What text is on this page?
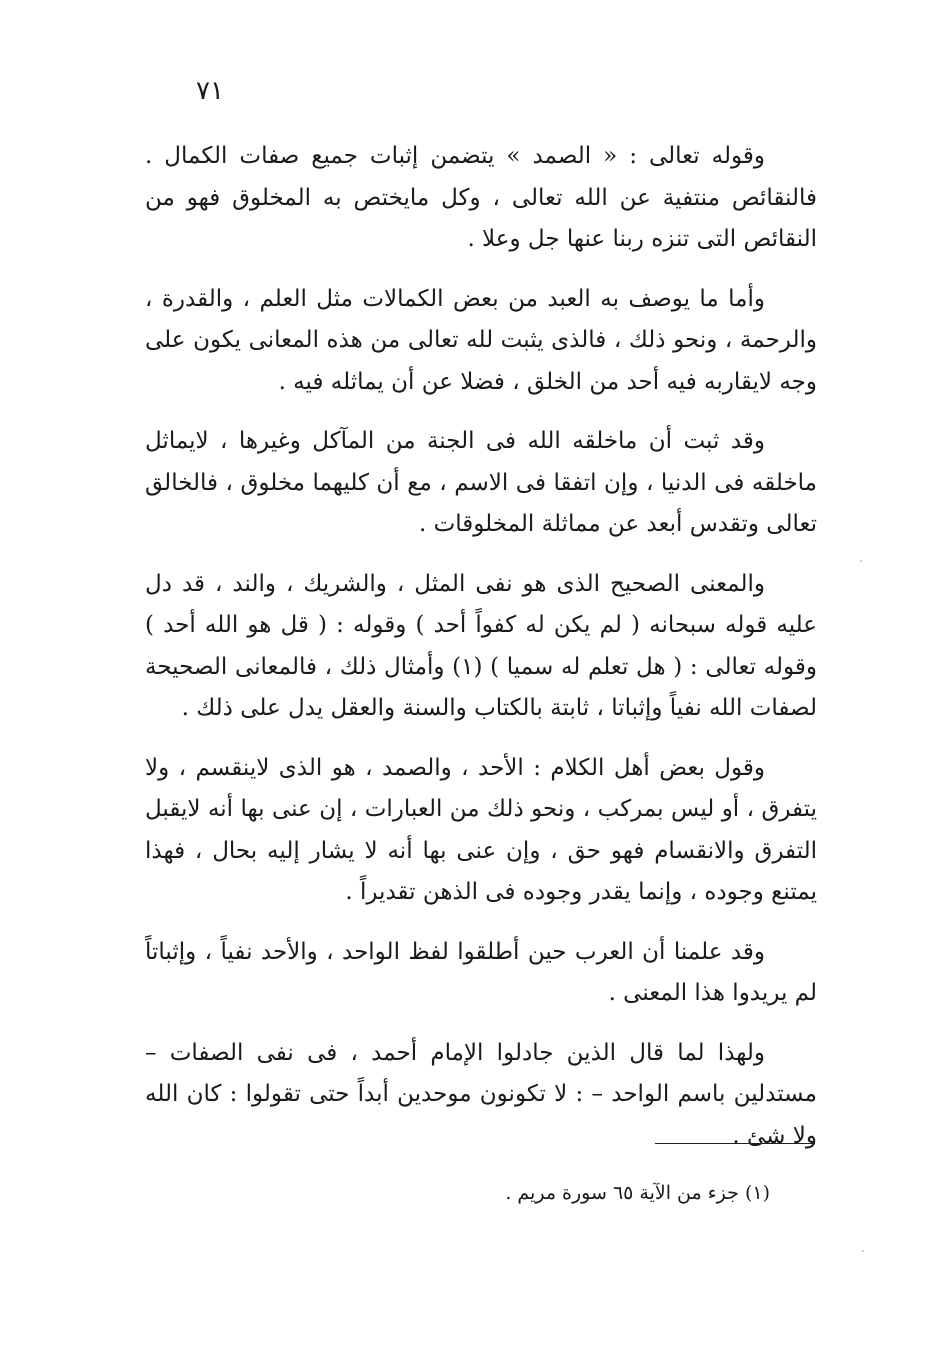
٧١

وقوله تعالى : « الصمد » يتضمن إثبات جميع صفات الكمال . فالنقائص منتفية عن الله تعالى ، وكل مايختص به المخلوق فهو من النقائص التى تنزه ربنا عنها جل وعلا .

وأما ما يوصف به العبد من بعض الكمالات مثل العلم ، والقدرة ، والرحمة ، ونحو ذلك ، فالذى يثبت لله تعالى من هذه المعانى يكون على وجه لايقاربه فيه أحد من الخلق ، فضلا عن أن يماثله فيه .

وقد ثبت أن ماخلقه الله فى الجنة من المآكل وغيرها ، لايماثل ماخلقه فى الدنيا ، وإن اتفقا فى الاسم ، مع أن كليهما مخلوق ، فالخالق تعالى وتقدس أبعد عن مماثلة المخلوقات .

والمعنى الصحيح الذى هو نفى المثل ، والشريك ، والند ، قد دل عليه قوله سبحانه ( لم يكن له كفواً أحد ) وقوله : ( قل هو الله أحد ) وقوله تعالى : ( هل تعلم له سميا ) (١) وأمثال ذلك ، فالمعانى الصحيحة لصفات الله نفياً وإثباتا ، ثابتة بالكتاب والسنة والعقل يدل على ذلك .

وقول بعض أهل الكلام : الأحد ، والصمد ، هو الذى لاينقسم ، ولا يتفرق ، أو ليس بمركب ، ونحو ذلك من العبارات ، إن عنى بها أنه لايقبل التفرق والانقسام فهو حق ، وإن عنى بها أنه لا يشار إليه بحال ، فهذا يمتنع وجوده ، وإنما يقدر وجوده فى الذهن تقديراً .

وقد علمنا أن العرب حين أطلقوا لفظ الواحد ، والأحد نفياً ، وإثباتاً لم يريدوا هذا المعنى .

ولهذا لما قال الذين جادلوا الإمام أحمد ، فى نفى الصفات – مستدلين باسم الواحد – : لا تكونون موحدين أبداً حتى تقولوا : كان الله ولا شئ .

(١) جزء من الآية ٦٥ سورة مريم .
